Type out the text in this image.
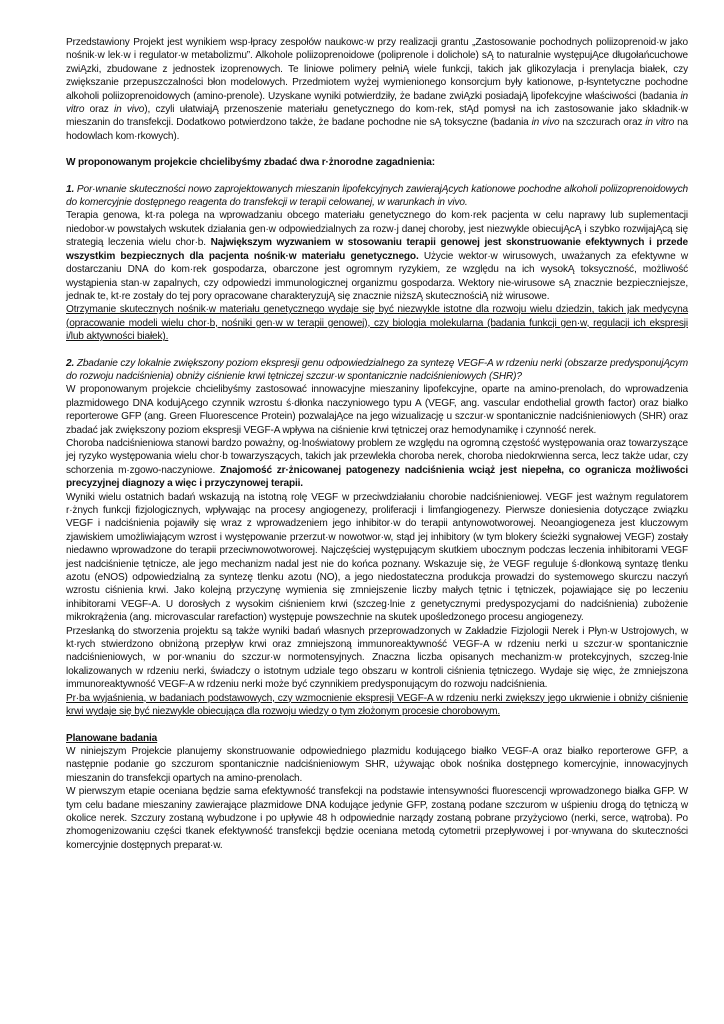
Przedstawiony Projekt jest wynikiem wsp·łpracy zespołów naukowc·w przy realizacji grantu „Zastosowanie pochodnych poliizoprenoid·w jako nośnik·w lek·w i regulator·w metabolizmu”. Alkohole poliizoprenoidowe (poliprenole i dolichole) sĄ to naturalnie występujĄce długołańcuchowe zwiĄzki, zbudowane z jednostek izoprenowych. Te liniowe polimery pełniĄ wiele funkcji, takich jak glikozylacja i prenylacja białek, czy zwiększanie przepuszczalności błon modelowych. Przedmiotem wyżej wymienionego konsorcjum były kationowe, p·łsyntetyczne pochodne alkoholi poliizoprenoidowych (amino-prenole). Uzyskane wyniki potwierdziły, że badane zwiĄzki posiadajĄ lipofekcyjne właściwości (badania in vitro oraz in vivo), czyli ułatwiajĄ przenoszenie materiału genetycznego do kom·rek, stĄd pomysł na ich zastosowanie jako składnik·w mieszanin do transfekcji. Dodatkowo potwierdzono także, że badane pochodne nie sĄ toksyczne (badania in vivo na szczurach oraz in vitro na hodowlach kom·rkowych).

W proponowanym projekcie chcielibyśmy zbadać dwa r·żnorodne zagadnienia:

1. Por·wnanie skuteczności nowo zaprojektowanych mieszanin lipofekcyjnych zawierajĄcych kationowe pochodne alkoholi poliizoprenoidowych do komercyjnie dostępnego reagenta do transfekcji w terapii celowanej, w warunkach in vivo.

Terapia genowa, kt·ra polega na wprowadzaniu obcego materiału genetycznego do kom·rek pacjenta w celu naprawy lub suplementacji niedobor·w powstałych wskutek działania gen·w odpowiedzialnych za rozw·j danej choroby, jest niezwykle obiecujĄcĄ i szybko rozwijajĄcą się strategią leczenia wielu chor·b. Największym wyzwaniem w stosowaniu terapii genowej jest skonstruowanie efektywnych i przede wszystkim bezpiecznych dla pacjenta nośnik·w materiału genetycznego. Użycie wektor·w wirusowych, uważanych za efektywne w dostarczaniu DNA do kom·rek gospodarza, obarczone jest ogromnym ryzykiem, ze względu na ich wysokĄ toksyczność, możliwość wystąpienia stan·w zapalnych, czy odpowiedzi immunologicznej organizmu gospodarza. Wektory nie-wirusowe sĄ znacznie bezpieczniejsze, jednak te, kt·re zostały do tej pory opracowane charakteryzujĄ się znacznie niższĄ skutecznościĄ niż wirusowe.

Otrzymanie skutecznych nośnik·w materiału genetycznego wydaje się być niezwykle istotne dla rozwoju wielu dziedzin, takich jak medycyna (opracowanie modeli wielu chor·b, nośniki gen·w w terapii genowej), czy biologia molekularna (badania funkcji gen·w, regulacji ich ekspresji i/lub aktywności białek).

2. Zbadanie czy lokalnie zwiększony poziom ekspresji genu odpowiedzialnego za syntezę VEGF-A w rdzeniu nerki (obszarze predysponujĄcym do rozwoju nadciśnienia) obniży ciśnienie krwi tętniczej szczur·w spontanicznie nadciśnieniowych (SHR)?

W proponowanym projekcie chcielibyśmy zastosować innowacyjne mieszaniny lipofekcyjne, oparte na amino-prenolach, do wprowadzenia plazmidowego DNA kodujĄcego czynnik wzrostu ś·dłonka naczyniowego typu A (VEGF, ang. vascular endothelial growth factor) oraz białko reporterowe GFP (ang. Green Fluorescence Protein) pozwalajĄce na jego wizualizację u szczur·w spontanicznie nadciśnieniowych (SHR) oraz zbadać jak zwiększony poziom ekspresji VEGF-A wpływa na ciśnienie krwi tętniczej oraz hemodynamikę i czynność nerek.

Choroba nadciśnieniowa stanowi bardzo poważny, og·lnoświatowy problem ze względu na ogromną częstość występowania oraz towarzyszące jej ryzyko występowania wielu chor·b towarzyszących, takich jak przewlekła choroba nerek, choroba niedokrwienna serca, lecz także udar, czy schorzenia m·zgowo-naczyniowe. Znajomość zr·żnicowanej patogenezy nadciśnienia wciąż jest niepełna, co ogranicza możliwości precyzyjnej diagnozy a więc i przyczynowej terapii.

Wyniki wielu ostatnich badań wskazują na istotną rolę VEGF w przeciwdziałaniu chorobie nadciśnieniowej. VEGF jest ważnym regulatorem r·żnych funkcji fizjologicznych, wpływając na procesy angiogenezy, proliferacji i limfangiogenezy. Pierwsze doniesienia dotyczące związku VEGF i nadciśnienia pojawiły się wraz z wprowadzeniem jego inhibitor·w do terapii antynowotworowej. Neoangiogeneza jest kluczowym zjawiskiem umożliwiającym wzrost i występowanie przerzut·w nowotwor·w, stąd jej inhibitory (w tym blokery ścieżki sygnałowej VEGF) zostały niedawno wprowadzone do terapii przeciwnowotworowej. Najczęściej występującym skutkiem ubocznym podczas leczenia inhibitorami VEGF jest nadciśnienie tętnicze, ale jego mechanizm nadal jest nie do końca poznany. Wskazuje się, że VEGF reguluje ś·dłonkową syntazę tlenku azotu (eNOS) odpowiedzialną za syntezę tlenku azotu (NO), a jego niedostateczna produkcja prowadzi do systemowego skurczu naczyń wzrostu ciśnienia krwi. Jako kolejną przyczynę wymienia się zmniejszenie liczby małych tętnic i tętniczek, pojawiające się po leczeniu inhibitorami VEGF-A. U dorosłych z wysokim ciśnieniem krwi (szczeg·lnie z genetycznymi predyspozycjami do nadciśnienia) zubożenie mikrokrążenia (ang. microvascular rarefaction) występuje powszechnie na skutek upośledzonego procesu angiogenezy.

Przesłanką do stworzenia projektu są także wyniki badań własnych przeprowadzonych w Zakładzie Fizjologii Nerek i Płyn·w Ustrojowych, w kt·rych stwierdzono obniżoną przepływ krwi oraz zmniejszoną immunoreaktywność VEGF-A w rdzeniu nerki u szczur·w spontanicznie nadciśnieniowych, w por·wnaniu do szczur·w normotensyjnych. Znaczna liczba opisanych mechanizm·w protekcyjnych, szczeg·lnie lokalizowanych w rdzeniu nerki, świadczy o istotnym udziale tego obszaru w kontroli ciśnienia tętniczego. Wydaje się więc, że zmniejszona immunoreaktywność VEGF-A w rdzeniu nerki może być czynnikiem predysponującym do rozwoju nadciśnienia.

Pr·ba wyjaśnienia, w badaniach podstawowych, czy wzmocnienie ekspresji VEGF-A w rdzeniu nerki zwiększy jego ukrwienie i obniży ciśnienie krwi wydaje się być niezwykle obiecująca dla rozwoju wiedzy o tym złożonym procesie chorobowym.

Planowane badania

W niniejszym Projekcie planujemy skonstruowanie odpowiedniego plazmidu kodującego białko VEGF-A oraz białko reporterowe GFP, a następnie podanie go szczurom spontanicznie nadciśnieniowym SHR, używając obok nośnika dostępnego komercyjnie, innowacyjnych mieszanin do transfekcji opartych na amino-prenolach.

W pierwszym etapie oceniana będzie sama efektywność transfekcji na podstawie intensywności fluorescencji wprowadzonego białka GFP. W tym celu badane mieszaniny zawierające plazmidowe DNA kodujące jedynie GFP, zostaną podane szczurom w uśpieniu drogą do tętniczą w okolice nerek. Szczury zostaną wybudzone i po upływie 48 h odpowiednie narządy zostaną pobrane przyżyciowo (nerki, serce, wątroba). Po zhomogenizowaniu części tkanek efektywność transfekcji będzie oceniana metodą cytometrii przepływowej i por·wnywana do skuteczności komercyjnie dostępnych preparat·w.
